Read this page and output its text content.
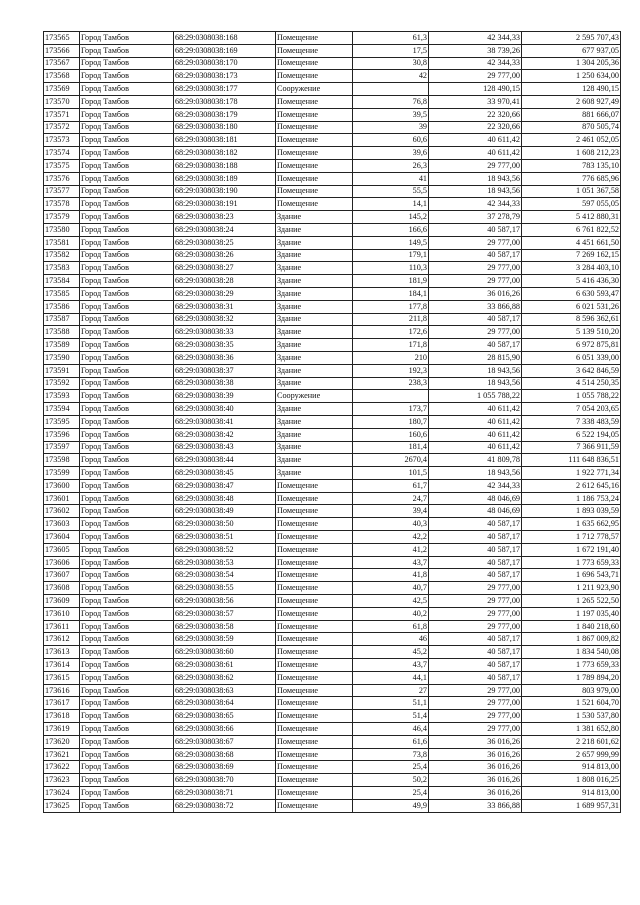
173565	Город Тамбов	68:29:0308038:168	Помещение	61,3	42 344,33	2 595 707,43
173566	Город Тамбов	68:29:0308038:169	Помещение	17,5	38 739,26	677 937,05
173567	Город Тамбов	68:29:0308038:170	Помещение	30,8	42 344,33	1 304 205,36
173568	Город Тамбов	68:29:0308038:173	Помещение	42	29 777,00	1 250 634,00
173569	Город Тамбов	68:29:0308038:177	Сооружение		128 490,15	128 490,15
173570	Город Тамбов	68:29:0308038:178	Помещение	76,8	33 970,41	2 608 927,49
173571	Город Тамбов	68:29:0308038:179	Помещение	39,5	22 320,66	881 666,07
173572	Город Тамбов	68:29:0308038:180	Помещение	39	22 320,66	870 505,74
173573	Город Тамбов	68:29:0308038:181	Помещение	60,6	40 611,42	2 461 052,05
173574	Город Тамбов	68:29:0308038:182	Помещение	39,6	40 611,42	1 608 212,23
173575	Город Тамбов	68:29:0308038:188	Помещение	26,3	29 777,00	783 135,10
173576	Город Тамбов	68:29:0308038:189	Помещение	41	18 943,56	776 685,96
173577	Город Тамбов	68:29:0308038:190	Помещение	55,5	18 943,56	1 051 367,58
173578	Город Тамбов	68:29:0308038:191	Помещение	14,1	42 344,33	597 055,05
173579	Город Тамбов	68:29:0308038:23	Здание	145,2	37 278,79	5 412 880,31
173580	Город Тамбов	68:29:0308038:24	Здание	166,6	40 587,17	6 761 822,52
173581	Город Тамбов	68:29:0308038:25	Здание	149,5	29 777,00	4 451 661,50
173582	Город Тамбов	68:29:0308038:26	Здание	179,1	40 587,17	7 269 162,15
173583	Город Тамбов	68:29:0308038:27	Здание	110,3	29 777,00	3 284 403,10
173584	Город Тамбов	68:29:0308038:28	Здание	181,9	29 777,00	5 416 436,30
173585	Город Тамбов	68:29:0308038:29	Здание	184,1	36 016,26	6 630 593,47
173586	Город Тамбов	68:29:0308038:31	Здание	177,8	33 866,88	6 021 531,26
173587	Город Тамбов	68:29:0308038:32	Здание	211,8	40 587,17	8 596 362,61
173588	Город Тамбов	68:29:0308038:33	Здание	172,6	29 777,00	5 139 510,20
173589	Город Тамбов	68:29:0308038:35	Здание	171,8	40 587,17	6 972 875,81
173590	Город Тамбов	68:29:0308038:36	Здание	210	28 815,90	6 051 339,00
173591	Город Тамбов	68:29:0308038:37	Здание	192,3	18 943,56	3 642 846,59
173592	Город Тамбов	68:29:0308038:38	Здание	238,3	18 943,56	4 514 250,35
173593	Город Тамбов	68:29:0308038:39	Сооружение		1 055 788,22	1 055 788,22
173594	Город Тамбов	68:29:0308038:40	Здание	173,7	40 611,42	7 054 203,65
173595	Город Тамбов	68:29:0308038:41	Здание	180,7	40 611,42	7 338 483,59
173596	Город Тамбов	68:29:0308038:42	Здание	160,6	40 611,42	6 522 194,05
173597	Город Тамбов	68:29:0308038:43	Здание	181,4	40 611,42	7 366 911,59
173598	Город Тамбов	68:29:0308038:44	Здание	2670,4	41 809,78	111 648 836,51
173599	Город Тамбов	68:29:0308038:45	Здание	101,5	18 943,56	1 922 771,34
173600	Город Тамбов	68:29:0308038:47	Помещение	61,7	42 344,33	2 612 645,16
173601	Город Тамбов	68:29:0308038:48	Помещение	24,7	48 046,69	1 186 753,24
173602	Город Тамбов	68:29:0308038:49	Помещение	39,4	48 046,69	1 893 039,59
173603	Город Тамбов	68:29:0308038:50	Помещение	40,3	40 587,17	1 635 662,95
173604	Город Тамбов	68:29:0308038:51	Помещение	42,2	40 587,17	1 712 778,57
173605	Город Тамбов	68:29:0308038:52	Помещение	41,2	40 587,17	1 672 191,40
173606	Город Тамбов	68:29:0308038:53	Помещение	43,7	40 587,17	1 773 659,33
173607	Город Тамбов	68:29:0308038:54	Помещение	41,8	40 587,17	1 696 543,71
173608	Город Тамбов	68:29:0308038:55	Помещение	40,7	29 777,00	1 211 923,90
173609	Город Тамбов	68:29:0308038:56	Помещение	42,5	29 777,00	1 265 522,50
173610	Город Тамбов	68:29:0308038:57	Помещение	40,2	29 777,00	1 197 035,40
173611	Город Тамбов	68:29:0308038:58	Помещение	61,8	29 777,00	1 840 218,60
173612	Город Тамбов	68:29:0308038:59	Помещение	46	40 587,17	1 867 009,82
173613	Город Тамбов	68:29:0308038:60	Помещение	45,2	40 587,17	1 834 540,08
173614	Город Тамбов	68:29:0308038:61	Помещение	43,7	40 587,17	1 773 659,33
173615	Город Тамбов	68:29:0308038:62	Помещение	44,1	40 587,17	1 789 894,20
173616	Город Тамбов	68:29:0308038:63	Помещение	27	29 777,00	803 979,00
173617	Город Тамбов	68:29:0308038:64	Помещение	51,1	29 777,00	1 521 604,70
173618	Город Тамбов	68:29:0308038:65	Помещение	51,4	29 777,00	1 530 537,80
173619	Город Тамбов	68:29:0308038:66	Помещение	46,4	29 777,00	1 381 652,80
173620	Город Тамбов	68:29:0308038:67	Помещение	61,6	36 016,26	2 218 601,62
173621	Город Тамбов	68:29:0308038:68	Помещение	73,8	36 016,26	2 657 999,99
173622	Город Тамбов	68:29:0308038:69	Помещение	25,4	36 016,26	914 813,00
173623	Город Тамбов	68:29:0308038:70	Помещение	50,2	36 016,26	1 808 016,25
173624	Город Тамбов	68:29:0308038:71	Помещение	25,4	36 016,26	914 813,00
173625	Город Тамбов	68:29:0308038:72	Помещение	49,9	33 866,88	1 689 957,31
